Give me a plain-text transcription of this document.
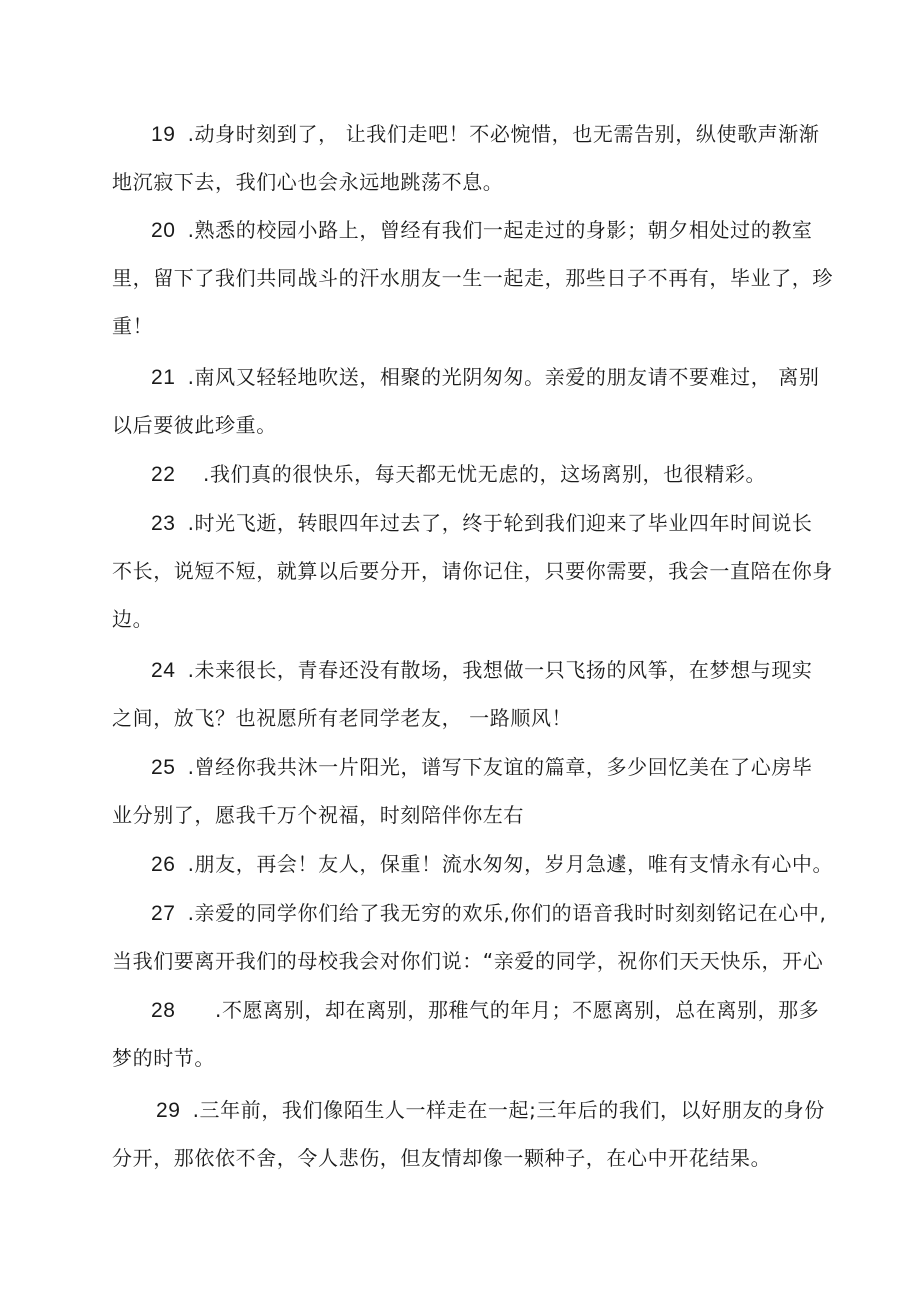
19 .动身时刻到了， 让我们走吧！不必惋惜，也无需告别，纵使歌声渐渐
地沉寂下去，我们心也会永远地跳荡不息。
20 .熟悉的校园小路上，曾经有我们一起走过的身影；朝夕相处过的教室
里，留下了我们共同战斗的汗水朋友一生一起走，那些日子不再有，毕业了，珍
重！
21 .南风又轻轻地吹送，相聚的光阴匆匆。亲爱的朋友请不要难过， 离别
以后要彼此珍重。
22 .我们真的很快乐，每天都无忧无虑的，这场离别，也很精彩。
23 .时光飞逝，转眼四年过去了，终于轮到我们迎来了毕业四年时间说长
不长，说短不短，就算以后要分开，请你记住，只要你需要，我会一直陪在你身
边。
24 .未来很长，青春还没有散场，我想做一只飞扬的风筝，在梦想与现实
之间，放飞？也祝愿所有老同学老友， 一路顺风！
25 .曾经你我共沐一片阳光，谱写下友谊的篇章，多少回忆美在了心房毕
业分别了，愿我千万个祝福，时刻陪伴你左右
26 .朋友，再会！友人，保重！流水匆匆，岁月急遽，唯有支情永有心中。
27 .亲爱的同学你们给了我无穷的欢乐,你们的语音我时时刻刻铭记在心中,
当我们要离开我们的母校我会对你们说：“亲爱的同学，祝你们天天快乐，开心
28 .不愿离别，却在离别，那稚气的年月；不愿离别，总在离别，那多
梦的时节。
29 .三年前，我们像陌生人一样走在一起;三年后的我们，以好朋友的身份
分开，那依依不舍，令人悲伤，但友情却像一颗种子，在心中开花结果。
